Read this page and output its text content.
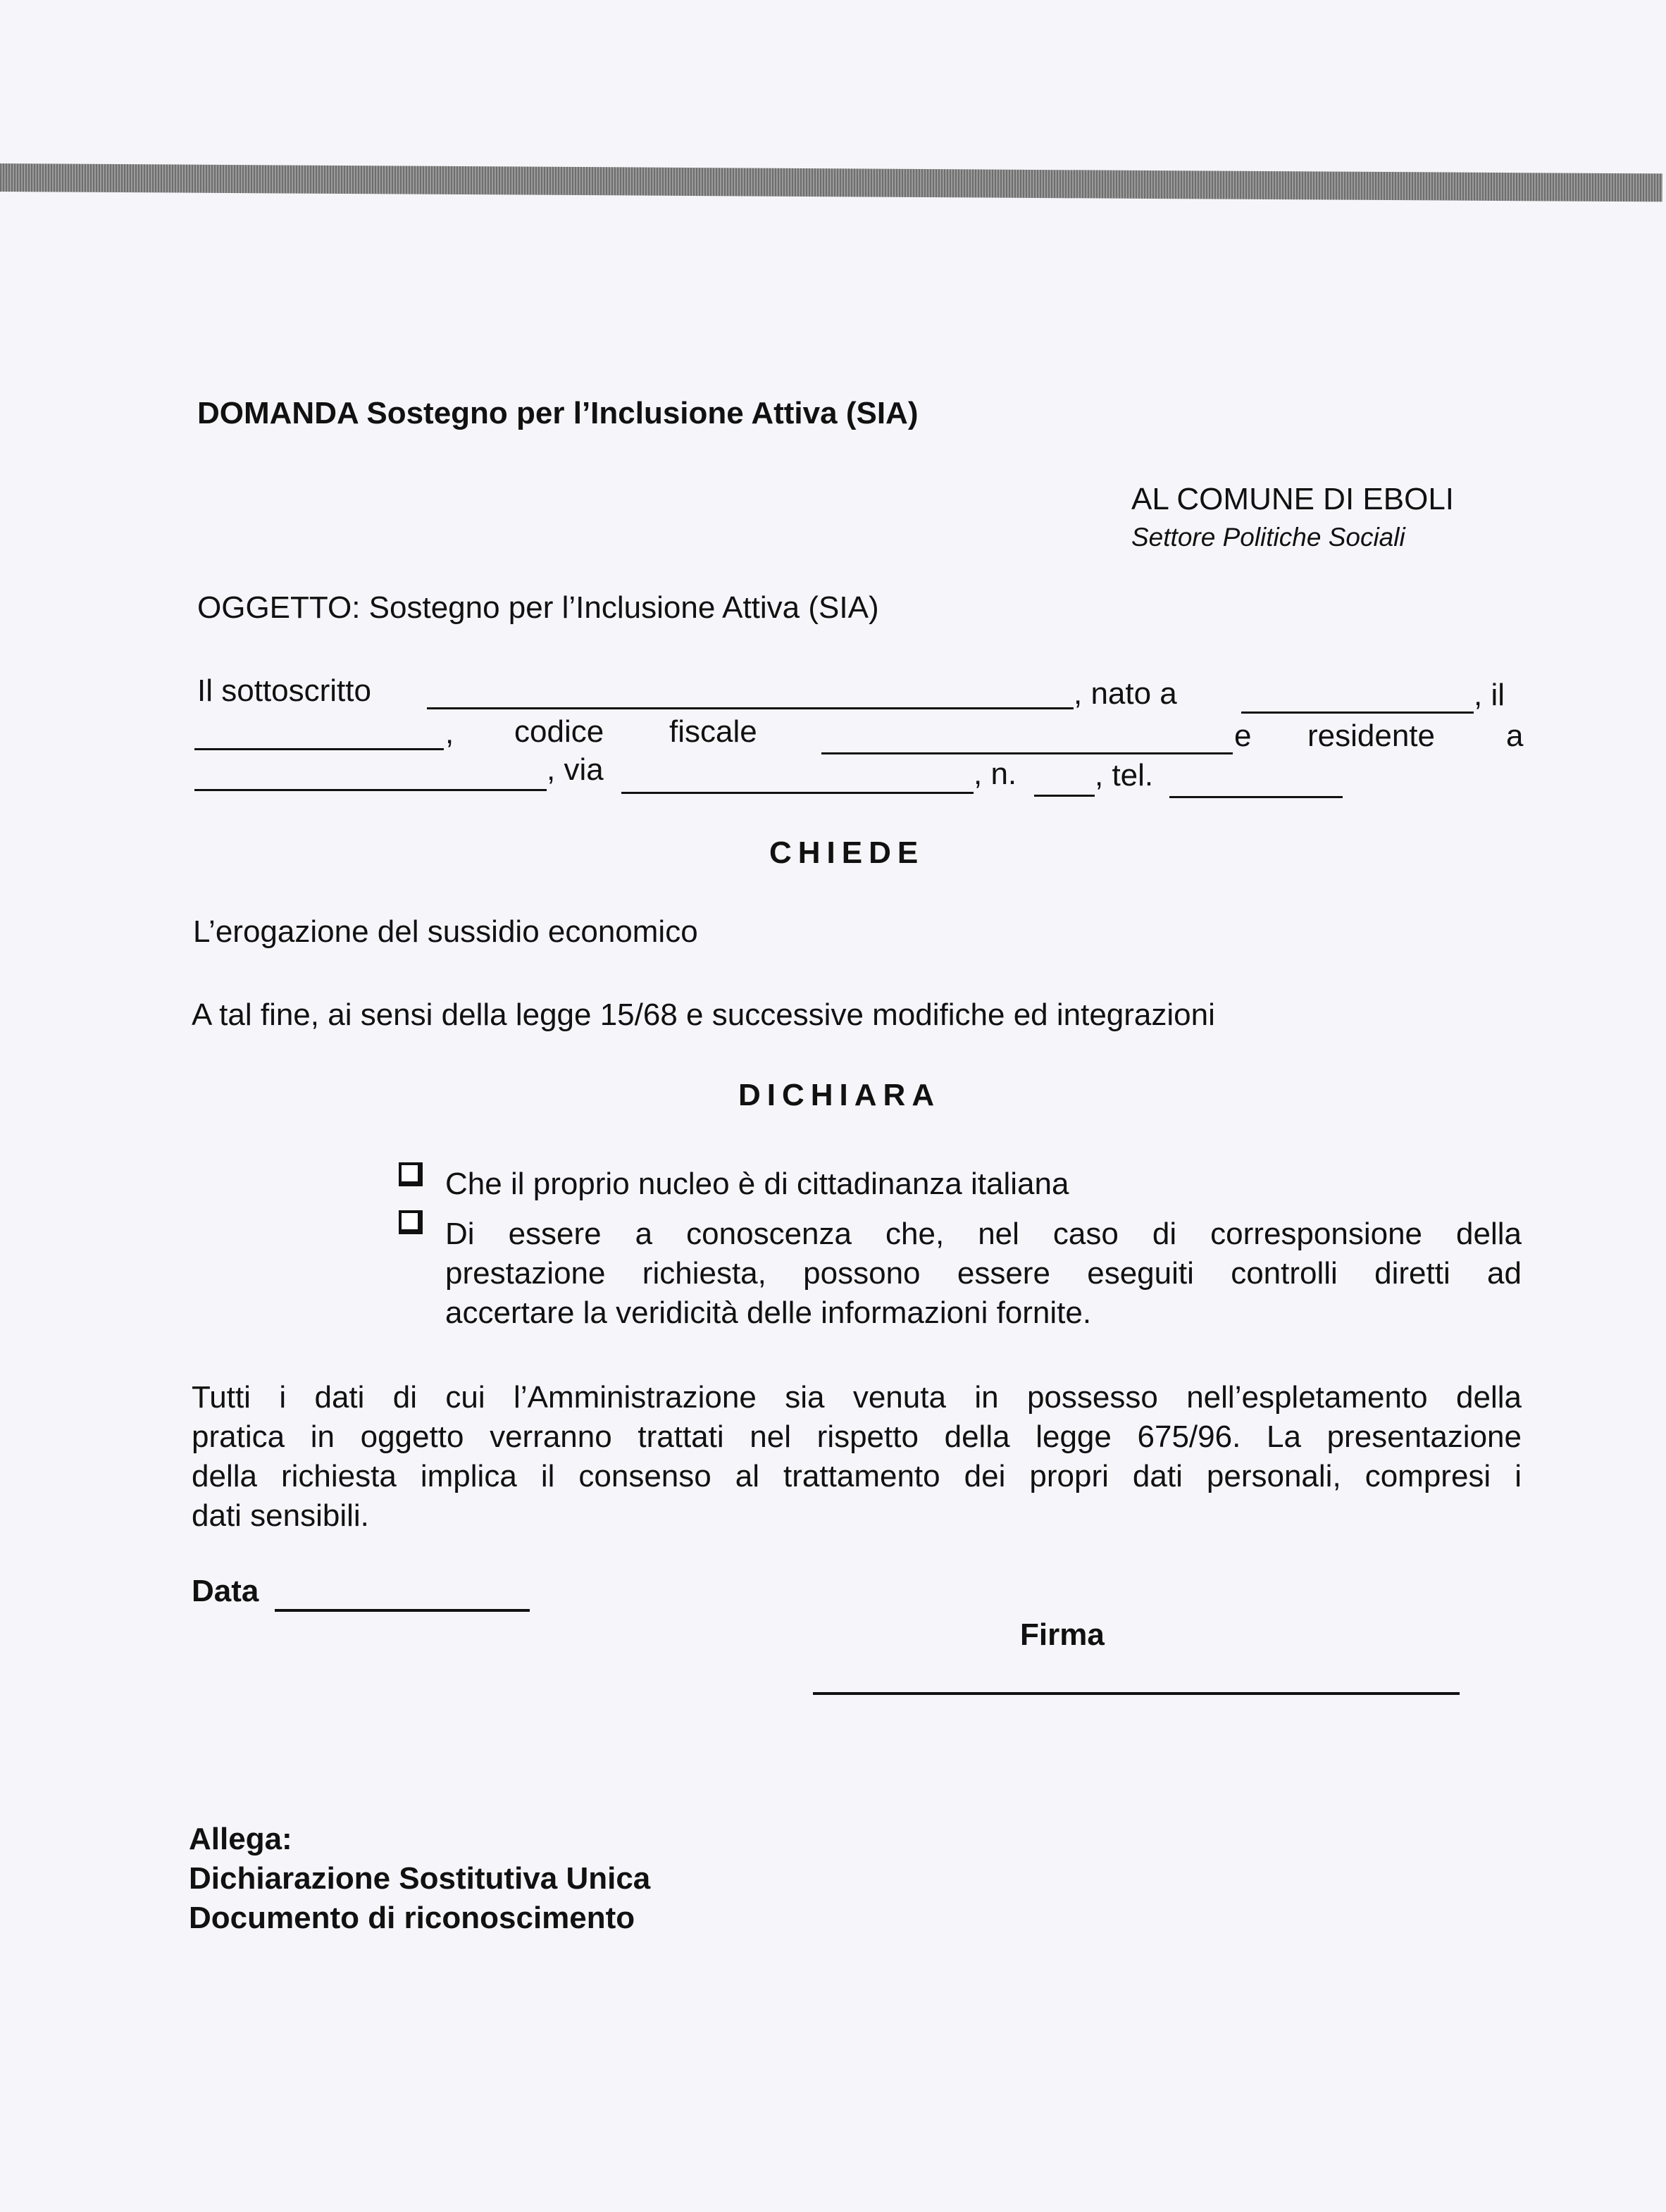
DOMANDA Sostegno per l’Inclusione Attiva (SIA)
AL COMUNE DI EBOLI
Settore Politiche Sociali
OGGETTO: Sostegno per l’Inclusione Attiva (SIA)
Il sottoscritto	, nato a	, il
, codice fiscale	e residente a
, via	, n.	, tel.
CHIEDE
L’erogazione del sussidio economico
A tal fine, ai sensi della legge 15/68 e successive modifiche ed integrazioni
DICHIARA
Che il proprio nucleo è di cittadinanza italiana
Di essere a conoscenza che, nel caso di corresponsione della
prestazione richiesta, possono essere eseguiti controlli diretti ad
accertare la veridicità delle informazioni fornite.
Tutti i dati di cui l’Amministrazione sia venuta in possesso nell’espletamento della
pratica in oggetto verranno trattati nel rispetto della legge 675/96. La presentazione
della richiesta implica il consenso al trattamento dei propri dati personali, compresi i
dati sensibili.
Data
Firma
Allega:
Dichiarazione Sostitutiva Unica
Documento di riconoscimento
